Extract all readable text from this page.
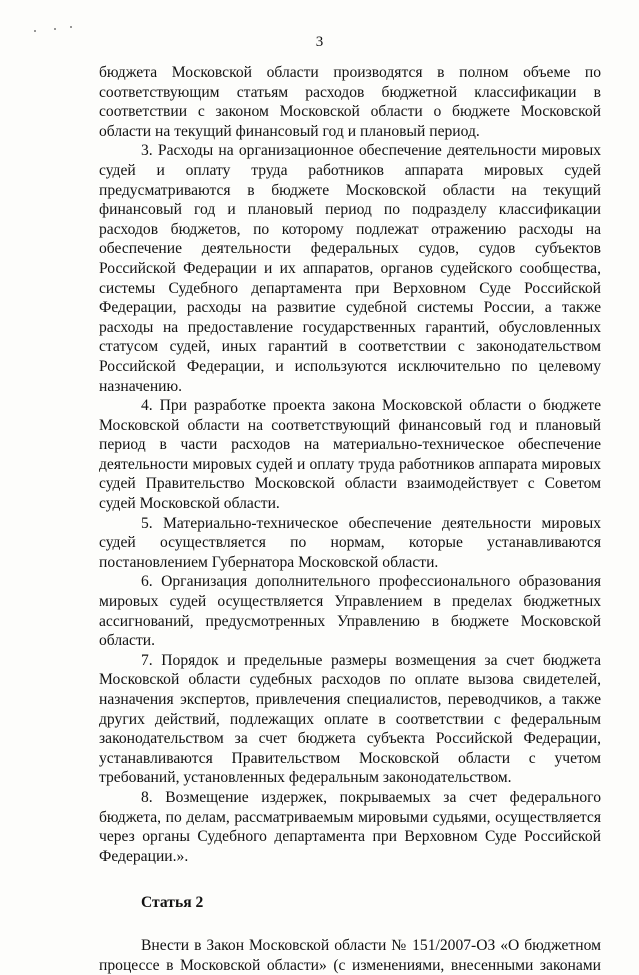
3

бюджета Московской области производятся в полном объеме по соответствующим статьям расходов бюджетной классификации в соответствии с законом Московской области о бюджете Московской области на текущий финансовый год и плановый период.

3. Расходы на организационное обеспечение деятельности мировых судей и оплату труда работников аппарата мировых судей предусматриваются в бюджете Московской области на текущий финансовый год и плановый период по подразделу классификации расходов бюджетов, по которому подлежат отражению расходы на обеспечение деятельности федеральных судов, судов субъектов Российской Федерации и их аппаратов, органов судейского сообщества, системы Судебного департамента при Верховном Суде Российской Федерации, расходы на развитие судебной системы России, а также расходы на предоставление государственных гарантий, обусловленных статусом судей, иных гарантий в соответствии с законодательством Российской Федерации, и используются исключительно по целевому назначению.

4. При разработке проекта закона Московской области о бюджете Московской области на соответствующий финансовый год и плановый период в части расходов на материально-техническое обеспечение деятельности мировых судей и оплату труда работников аппарата мировых судей Правительство Московской области взаимодействует с Советом судей Московской области.

5. Материально-техническое обеспечение деятельности мировых судей осуществляется по нормам, которые устанавливаются постановлением Губернатора Московской области.

6. Организация дополнительного профессионального образования мировых судей осуществляется Управлением в пределах бюджетных ассигнований, предусмотренных Управлению в бюджете Московской области.

7. Порядок и предельные размеры возмещения за счет бюджета Московской области судебных расходов по оплате вызова свидетелей, назначения экспертов, привлечения специалистов, переводчиков, а также других действий, подлежащих оплате в соответствии с федеральным законодательством за счет бюджета субъекта Российской Федерации, устанавливаются Правительством Московской области с учетом требований, установленных федеральным законодательством.

8. Возмещение издержек, покрываемых за счет федерального бюджета, по делам, рассматриваемым мировыми судьями, осуществляется через органы Судебного департамента при Верховном Суде Российской Федерации.».

Статья 2

Внести в Закон Московской области № 151/2007-ОЗ «О бюджетном процессе в Московской области» (с изменениями, внесенными законами
